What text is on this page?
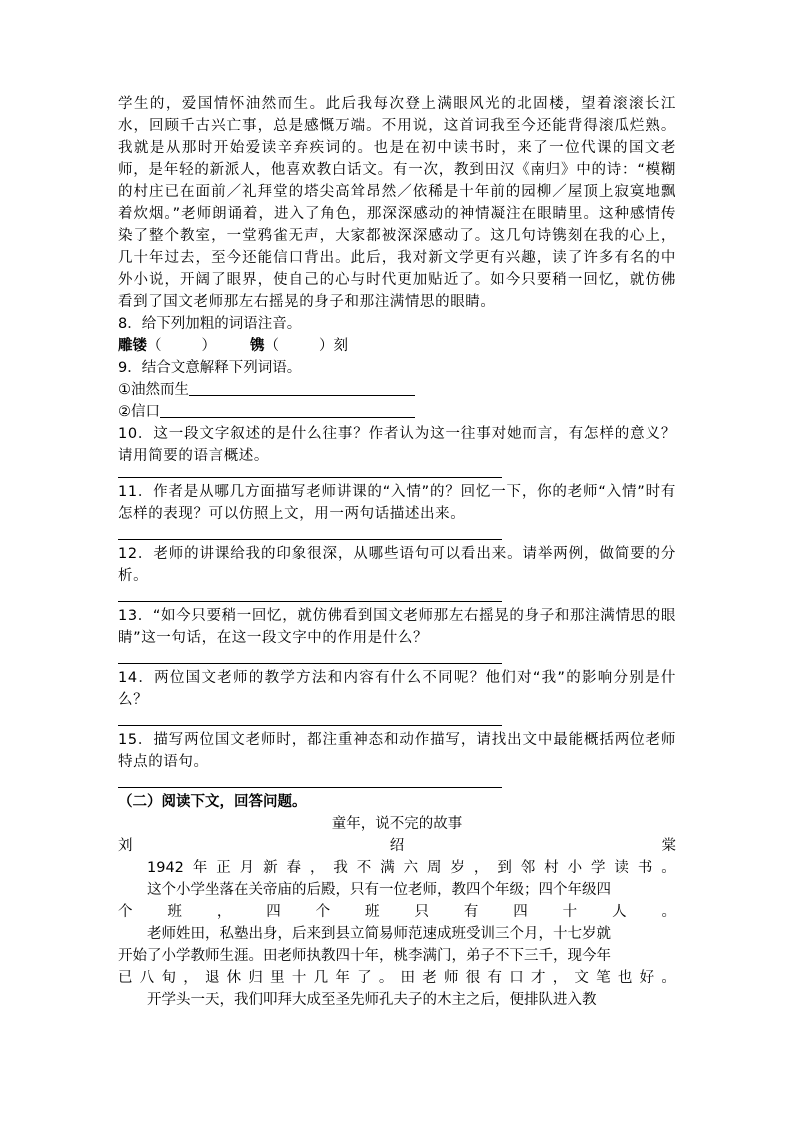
学生的，爱国情怀油然而生。此后我每次登上满眼风光的北固楼，望着滚滚长江水，回顾千古兴亡事，总是感慨万端。不用说，这首词我至今还能背得滚瓜烂熟。我就是从那时开始爱读辛弃疾词的。也是在初中读书时，来了一位代课的国文老师，是年轻的新派人，他喜欢教白话文。有一次，教到田汉《南归》中的诗：“模糊的村庄已在面前／礼拜堂的塔尖高耸昂然／依稀是十年前的园柳／屋顶上寂寞地飘着炊烟。”老师朗诵着，进入了角色，那深深感动的神情凝注在眼睛里。这种感情传染了整个教室，一堂鸦雀无声，大家都被深深感动了。这几句诗镌刻在我的心上，几十年过去，至今还能信口背出。此后，我对新文学更有兴趣，读了许多有名的中外小说，开阔了眼界，使自己的心与时代更加贴近了。如今只要稍一回忆，就仿佛看到了国文老师那左右摇晃的身子和那注满情思的眼睛。

8．给下列加粗的词语注音。
雕镂（	） 镌（	）刻
9．结合文意解释下列词语。
①油然而生
②信口

10．这一段文字叙述的是什么往事？作者认为这一往事对她而言，有怎样的意义？请用简要的语言概述。

11．作者是从哪几方面描写老师讲课的“入情”的？回忆一下，你的老师“入情”时有怎样的表现？可以仿照上文，用一两句话描述出来。

12．老师的讲课给我的印象很深，从哪些语句可以看出来。请举两例，做简要的分析。

13．“如今只要稍一回忆，就仿佛看到国文老师那左右摇晃的身子和那注满情思的眼睛”这一句话，在这一段文字中的作用是什么？

14．两位国文老师的教学方法和内容有什么不同呢？他们对“我”的影响分别是什么？

15．描写两位国文老师时，都注重神态和动作描写，请找出文中最能概括两位老师特点的语句。

（二）阅读下文，回答问题。
童年，说不完的故事
刘	绍	棠
1942 年 正 月 新 春 ， 我 不 满 六 周 岁 ， 到 邻 村 小 学 读 书 。
这个小学坐落在关帝庙的后殿，只有一位老师，教四个年级；四个年级四
个 班 ， 四 个 班 只 有 四 十 人 。
老师姓田，私塾出身，后来到县立简易师范速成班受训三个月，十七岁就
开始了小学教师生涯。田老师执教四十年，桃李满门，弟子不下三千，现今年
已 八 旬 ， 退 休 归 里 十 几 年 了 。 田 老 师 很 有 口 才 ， 文 笔 也 好 。
开学头一天，我们叩拜大成至圣先师孔夫子的木主之后，便排队进入教
